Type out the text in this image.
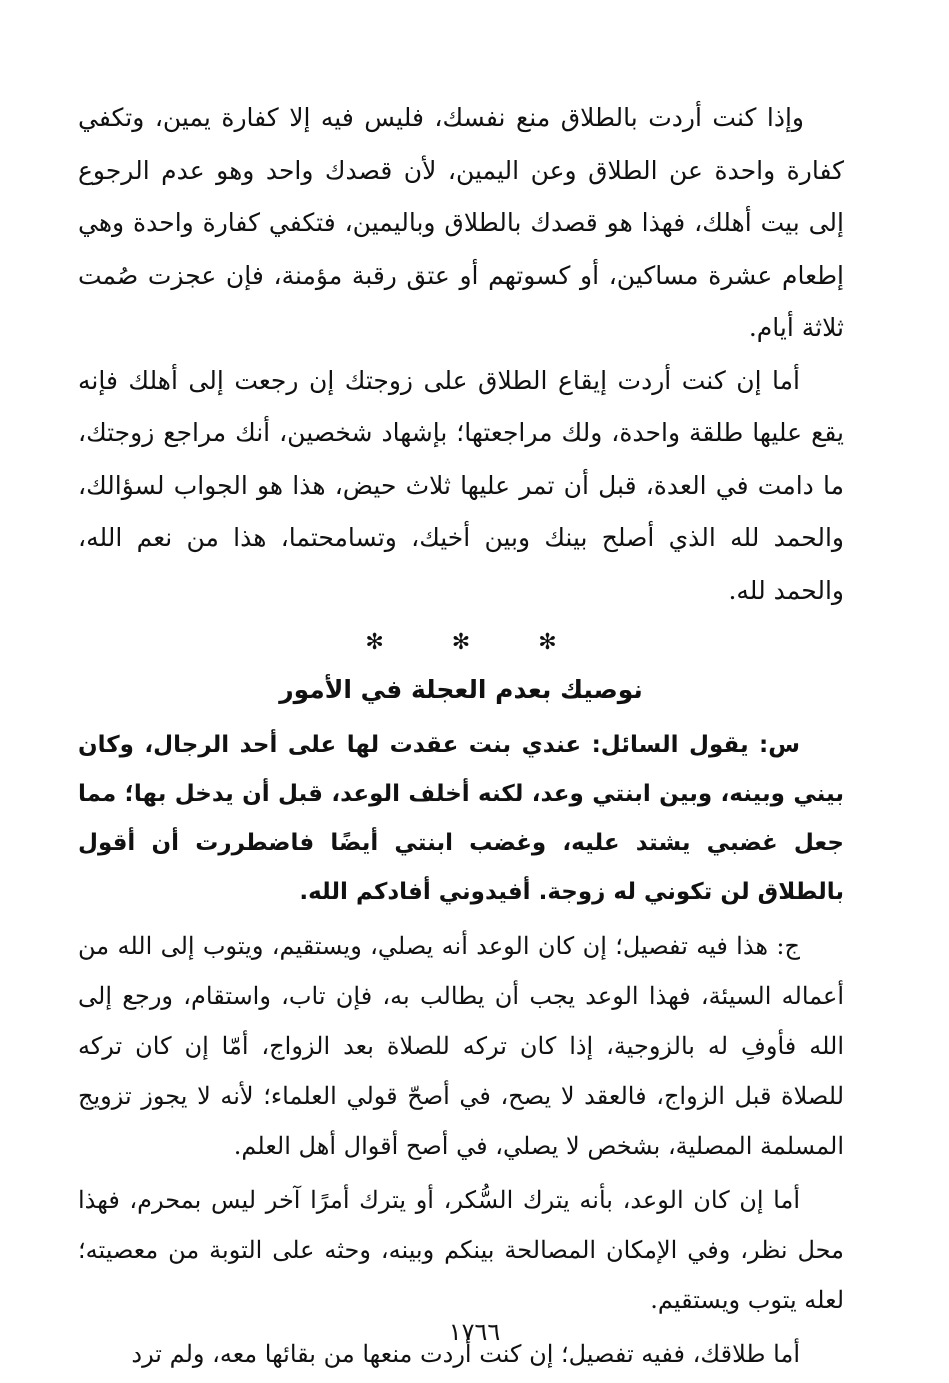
وإذا كنت أردت بالطلاق منع نفسك، فليس فيه إلا كفارة يمين، وتكفي كفارة واحدة عن الطلاق وعن اليمين، لأن قصدك واحد وهو عدم الرجوع إلى بيت أهلك، فهذا هو قصدك بالطلاق وباليمين، فتكفي كفارة واحدة وهي إطعام عشرة مساكين، أو كسوتهم أو عتق رقبة مؤمنة، فإن عجزت صُمت ثلاثة أيام.

أما إن كنت أردت إيقاع الطلاق على زوجتك إن رجعت إلى أهلك فإنه يقع عليها طلقة واحدة، ولك مراجعتها؛ بإشهاد شخصين، أنك مراجع زوجتك، ما دامت في العدة، قبل أن تمر عليها ثلاث حيض، هذا هو الجواب لسؤالك، والحمد لله الذي أصلح بينك وبين أخيك، وتسامحتما، هذا من نعم الله، والحمد لله.

✻	✻	✻
نوصيك بعدم العجلة في الأمور

س: يقول السائل: عندي بنت عقدت لها على أحد الرجال، وكان بيني وبينه، وبين ابنتي وعد، لكنه أخلف الوعد، قبل أن يدخل بها؛ مما جعل غضبي يشتد عليه، وغضب ابنتي أيضًا فاضطررت أن أقول بالطلاق لن تكوني له زوجة. أفيدوني أفادكم الله.

ج: هذا فيه تفصيل؛ إن كان الوعد أنه يصلي، ويستقيم، ويتوب إلى الله من أعماله السيئة، فهذا الوعد يجب أن يطالب به، فإن تاب، واستقام، ورجع إلى الله فأوفِ له بالزوجية، إذا كان تركه للصلاة بعد الزواج، أمّا إن كان تركه للصلاة قبل الزواج، فالعقد لا يصح، في أصحّ قولي العلماء؛ لأنه لا يجوز تزويج المسلمة المصلية، بشخص لا يصلي، في أصح أقوال أهل العلم.

أما إن كان الوعد، بأنه يترك السُّكر، أو يترك أمرًا آخر ليس بمحرم، فهذا محل نظر، وفي الإمكان المصالحة بينكم وبينه، وحثه على التوبة من معصيته؛ لعله يتوب ويستقيم.

أما طلاقك، ففيه تفصيل؛ إن كنت أردت منعها من بقائها معه، ولم ترد

١٧٦٦
